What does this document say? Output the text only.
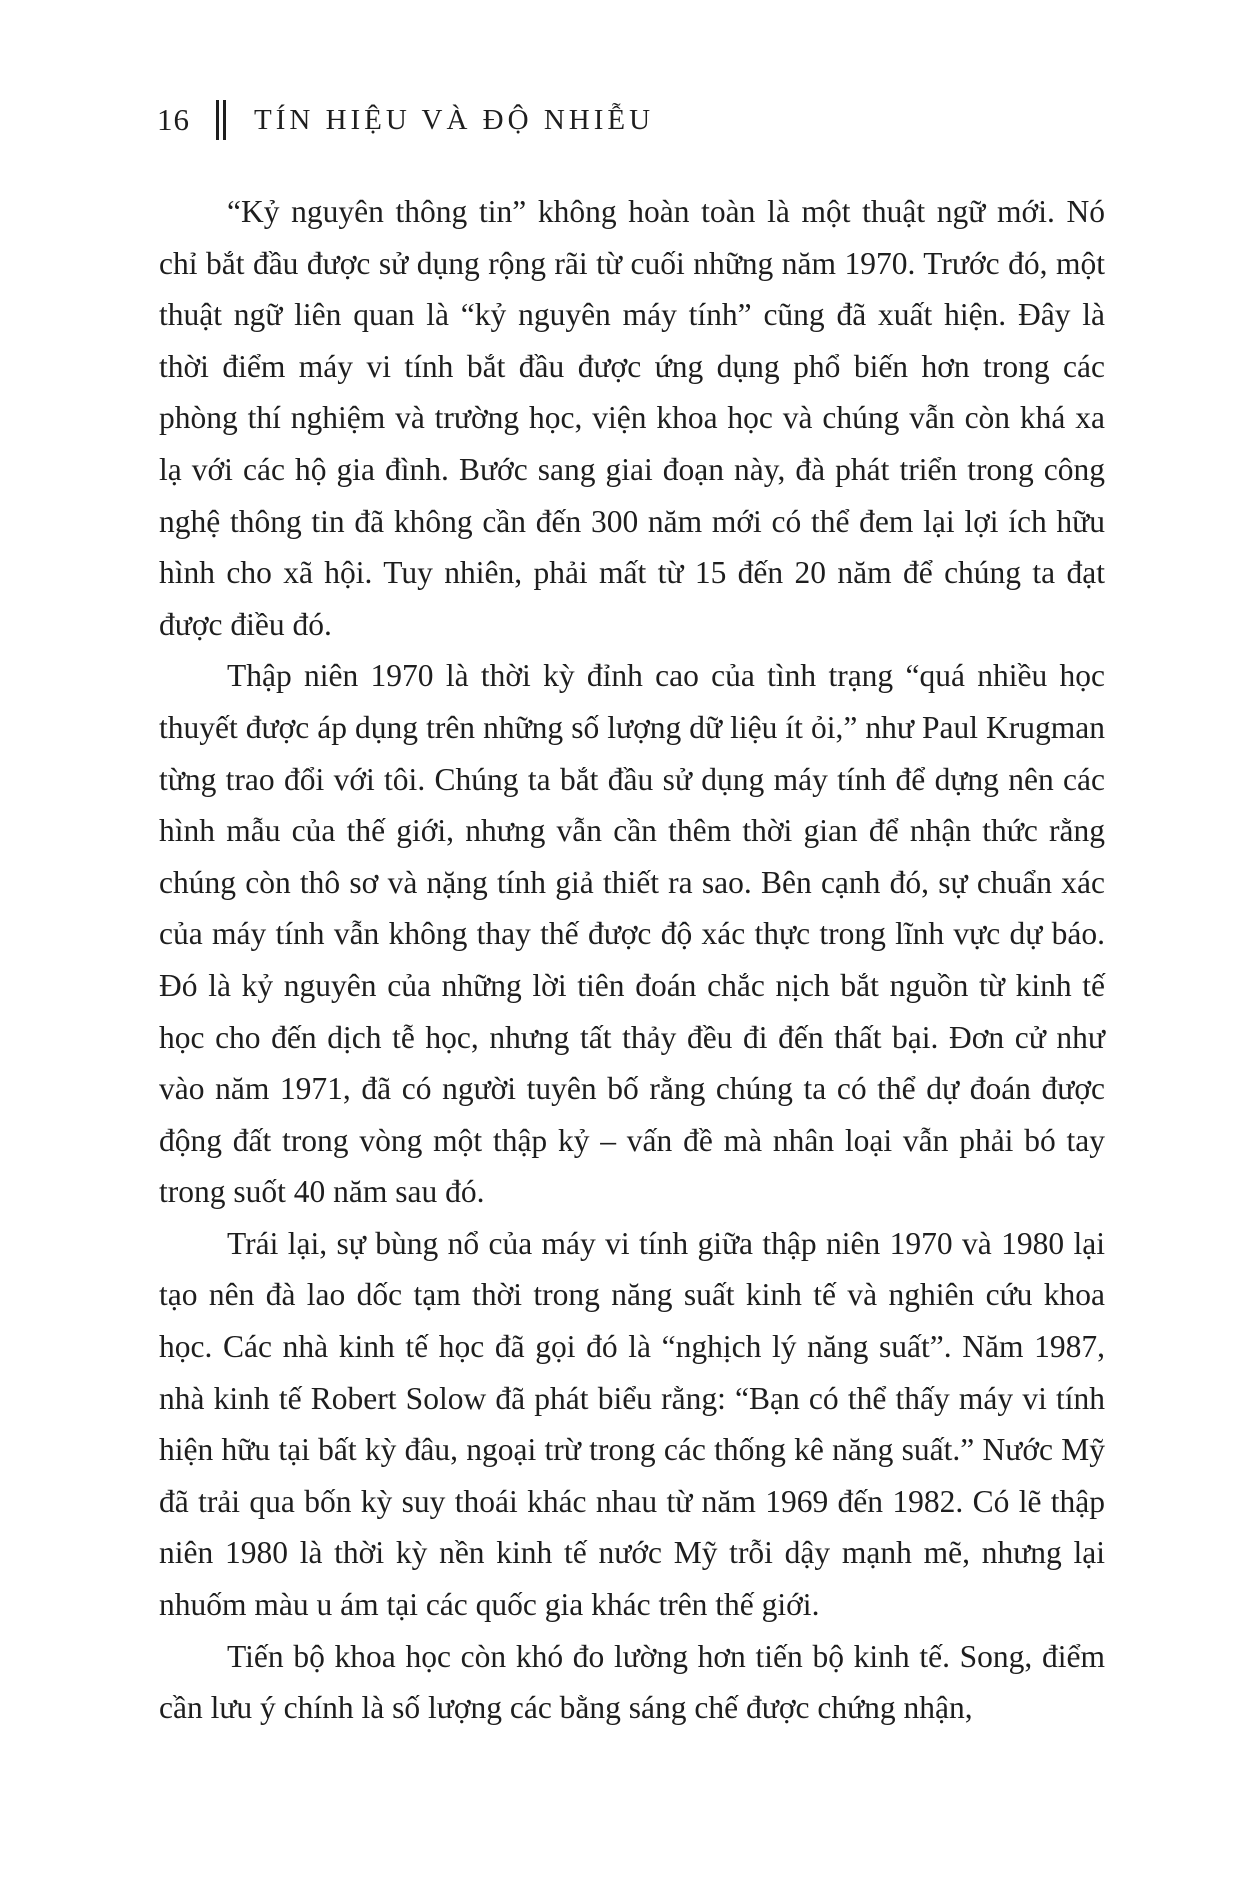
16 TÍN HIỆU VÀ ĐỘ NHIỄU

“Kỷ nguyên thông tin” không hoàn toàn là một thuật ngữ mới. Nó chỉ bắt đầu được sử dụng rộng rãi từ cuối những năm 1970. Trước đó, một thuật ngữ liên quan là “kỷ nguyên máy tính” cũng đã xuất hiện. Đây là thời điểm máy vi tính bắt đầu được ứng dụng phổ biến hơn trong các phòng thí nghiệm và trường học, viện khoa học và chúng vẫn còn khá xa lạ với các hộ gia đình. Bước sang giai đoạn này, đà phát triển trong công nghệ thông tin đã không cần đến 300 năm mới có thể đem lại lợi ích hữu hình cho xã hội. Tuy nhiên, phải mất từ 15 đến 20 năm để chúng ta đạt được điều đó.

Thập niên 1970 là thời kỳ đỉnh cao của tình trạng “quá nhiều học thuyết được áp dụng trên những số lượng dữ liệu ít ỏi,” như Paul Krugman từng trao đổi với tôi. Chúng ta bắt đầu sử dụng máy tính để dựng nên các hình mẫu của thế giới, nhưng vẫn cần thêm thời gian để nhận thức rằng chúng còn thô sơ và nặng tính giả thiết ra sao. Bên cạnh đó, sự chuẩn xác của máy tính vẫn không thay thế được độ xác thực trong lĩnh vực dự báo. Đó là kỷ nguyên của những lời tiên đoán chắc nịch bắt nguồn từ kinh tế học cho đến dịch tễ học, nhưng tất thảy đều đi đến thất bại. Đơn cử như vào năm 1971, đã có người tuyên bố rằng chúng ta có thể dự đoán được động đất trong vòng một thập kỷ – vấn đề mà nhân loại vẫn phải bó tay trong suốt 40 năm sau đó.

Trái lại, sự bùng nổ của máy vi tính giữa thập niên 1970 và 1980 lại tạo nên đà lao dốc tạm thời trong năng suất kinh tế và nghiên cứu khoa học. Các nhà kinh tế học đã gọi đó là “nghịch lý năng suất”. Năm 1987, nhà kinh tế Robert Solow đã phát biểu rằng: “Bạn có thể thấy máy vi tính hiện hữu tại bất kỳ đâu, ngoại trừ trong các thống kê năng suất.” Nước Mỹ đã trải qua bốn kỳ suy thoái khác nhau từ năm 1969 đến 1982. Có lẽ thập niên 1980 là thời kỳ nền kinh tế nước Mỹ trỗi dậy mạnh mẽ, nhưng lại nhuốm màu u ám tại các quốc gia khác trên thế giới.

Tiến bộ khoa học còn khó đo lường hơn tiến bộ kinh tế. Song, điểm cần lưu ý chính là số lượng các bằng sáng chế được chứng nhận,
